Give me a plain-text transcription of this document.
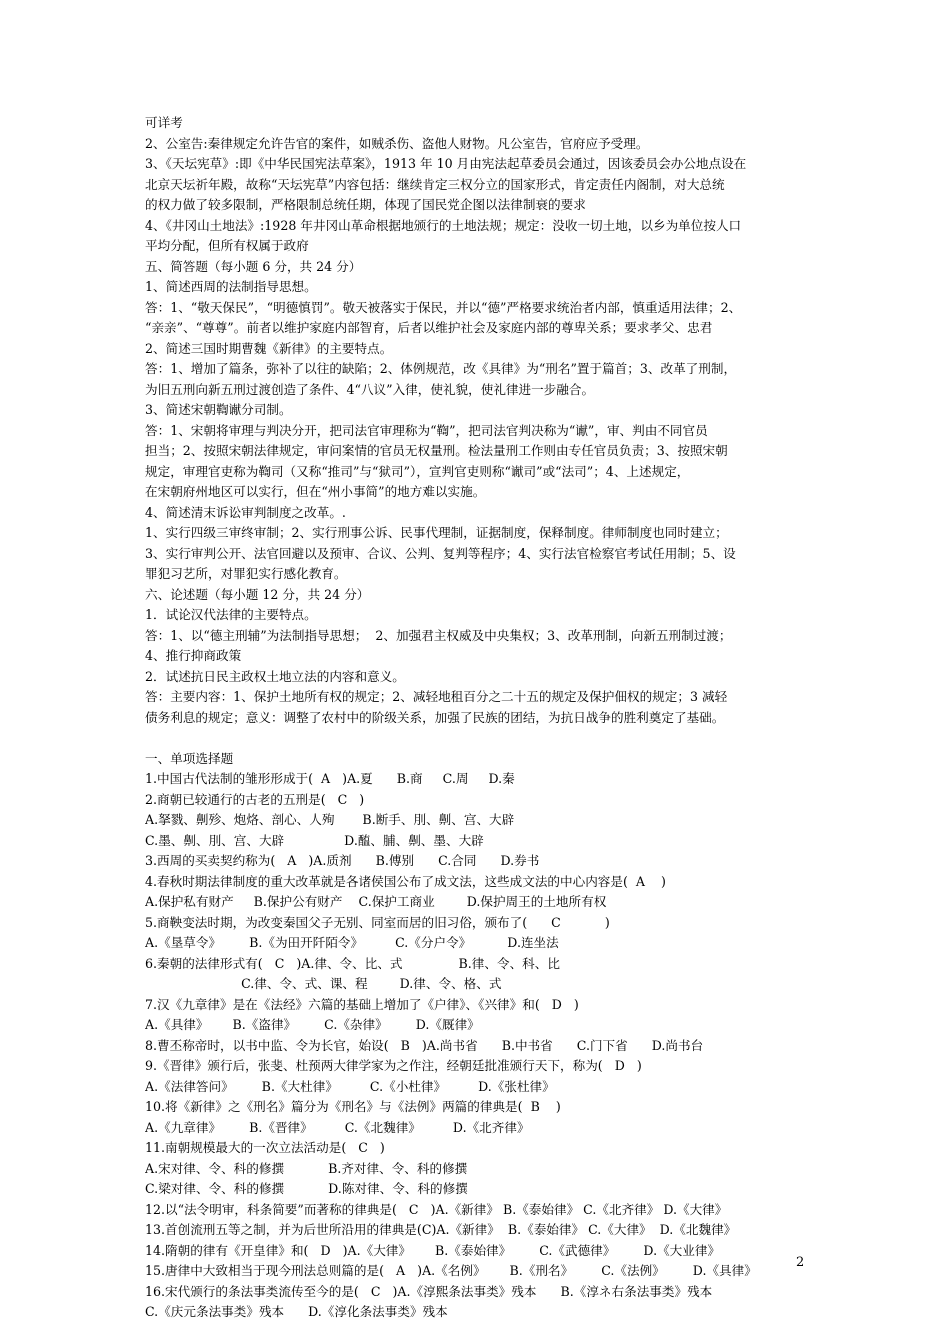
可详考
2、公室告:秦律规定允许告官的案件，如贼杀伤、盗他人财物。凡公室告，官府应予受理。
3、《天坛宪草》:即《中华民国宪法草案》，1913 年 10 月由宪法起草委员会通过，因该委员会办公地点设在
北京天坛祈年殿，故称“天坛宪草”内容包括：继续肯定三权分立的国家形式，肯定责任内阁制，对大总统
的权力做了较多限制，严格限制总统任期，体现了国民党企图以法律制衰的要求
4、《井冈山土地法》:1928 年井冈山革命根据地颁行的土地法规；规定：没收一切土地，以乡为单位按人口
平均分配，但所有权属于政府
五、简答题（每小题 6 分，共 24 分）
1、简述西周的法制指导思想。
答：1、“敬天保民”，“明德慎罚”。敬天被落实于保民，并以“德”严格要求统治者内部，慎重适用法律；2、
“亲亲”、“尊尊”。前者以维护家庭内部智育，后者以维护社会及家庭内部的尊卑关系；要求孝父、忠君
2、简述三国时期曹魏《新律》的主要特点。
答：1、增加了篇条，弥补了以往的缺陷；2、体例规范，改《具律》为“刑名”置于篇首；3、改革了刑制，
为旧五刑向新五刑过渡创造了条件、4“八议”入律，使礼貌，使礼律进一步融合。
3、简述宋朝鞫谳分司制。
答：1、宋朝将审理与判决分开，把司法官审理称为“鞫”，把司法官判决称为“谳”，审、判由不同官员
担当；2、按照宋朝法律规定，审问案情的官员无权量刑。检法量刑工作则由专任官员负责；3、按照宋朝
规定，审理官吏称为鞫司（又称“推司”与“狱司”），宣判官吏则称“谳司”或“法司”；4、上述规定，
在宋朝府州地区可以实行，但在“州小事简”的地方难以实施。
4、简述清末诉讼审判制度之改革。.
1、实行四级三审终审制；2、实行刑事公诉、民事代理制，证据制度，保释制度。律师制度也同时建立；
3、实行审判公开、法官回避以及预审、合议、公判、复判等程序；4、实行法官检察官考试任用制；5、设
罪犯习艺所，对罪犯实行感化教育。
六、论述题（每小题 12 分，共 24 分）
1．试论汉代法律的主要特点。
答：1、以“德主刑辅”为法制指导思想；  2、加强君主权威及中央集权；3、改革刑制，向新五刑制过渡；
4、推行抑商政策
2．试述抗日民主政权土地立法的内容和意义。
答：主要内容：1、保护土地所有权的规定；2、减轻地租百分之二十五的规定及保护佃权的规定；3 减轻
债务利息的规定；意义：调整了农村中的阶级关系，加强了民族的团结，为抗日战争的胜利奠定了基础。
一、单项选择题
1.中国古代法制的雏形形成于(  A   )A.夏      B.商     C.周     D.秦
2.商朝已较通行的古老的五刑是(   C   )
A.拏戮、劓殄、炮烙、剖心、人殉       B.断手、刖、劓、宫、大辟
C.墨、劓、刖、宫、大辟               D.醢、脯、劓、墨、大辟
3.西周的买卖契约称为(   A   )A.质剂      B.傅别      C.合同      D.券书
4.春秋时期法律制度的重大改革就是各诸侯国公布了成文法，这些成文法的中心内容是(  A    )
A.保护私有财产     B.保护公有财产    C.保护工商业        D.保护周王的土地所有权
5.商鞅变法时期，为改变秦国父子无别、同室而居的旧习俗，颁布了(      C           )
A.《垦草令》       B.《为田开阡陌令》        C.《分户令》         D.连坐法
6.秦朝的法律形式有(   C   )A.律、令、比、式              B.律、令、科、比
C.律、令、式、课、程        D.律、令、格、式
7.汉《九章律》是在《法经》六篇的基础上增加了《户律》、《兴律》和(   D   )
A.《具律》      B.《盗律》       C.《杂律》       D.《厩律》
8.曹丕称帝时，以书中监、令为长官，始设(   B   )A.尚书省      B.中书省      C.门下省      D.尚书台
9.《晋律》颁行后，张斐、杜预两大律学家为之作注，经朝廷批准颁行天下，称为(   D   )
A.《法律答问》       B.《大杜律》        C.《小杜律》        D.《张杜律》
10.将《新律》之《刑名》篇分为《刑名》与《法例》两篇的律典是(  B    )
A.《九章律》       B.《晋律》        C.《北魏律》        D.《北齐律》
11.南朝规模最大的一次立法活动是(   C   )
A.宋对律、令、科的修撰           B.齐对律、令、科的修撰
C.梁对律、令、科的修撰           D.陈对律、令、科的修撰
12.以“法令明审，科条简要”而著称的律典是(   C   )A.《新律》 B.《泰始律》 C.《北齐律》 D.《大律》
13.首创流刑五等之制，并为后世所沿用的律典是(C)A.《新律》  B.《泰始律》 C.《大律》  D.《北魏律》
14.隋朝的律有《开皇律》和(   D   )A.《大律》      B.《泰始律》       C.《武德律》       D.《大业律》
15.唐律中大致相当于现今刑法总则篇的是(   A   )A.《名例》      B.《刑名》       C.《法例》       D.《具律》
16.宋代颁行的条法事类流传至今的是(   C   )A.《淳熙条法事类》残本      B.《淳ネ右条法事类》残本
C.《庆元条法事类》残本      D.《淳化条法事类》残本
2
